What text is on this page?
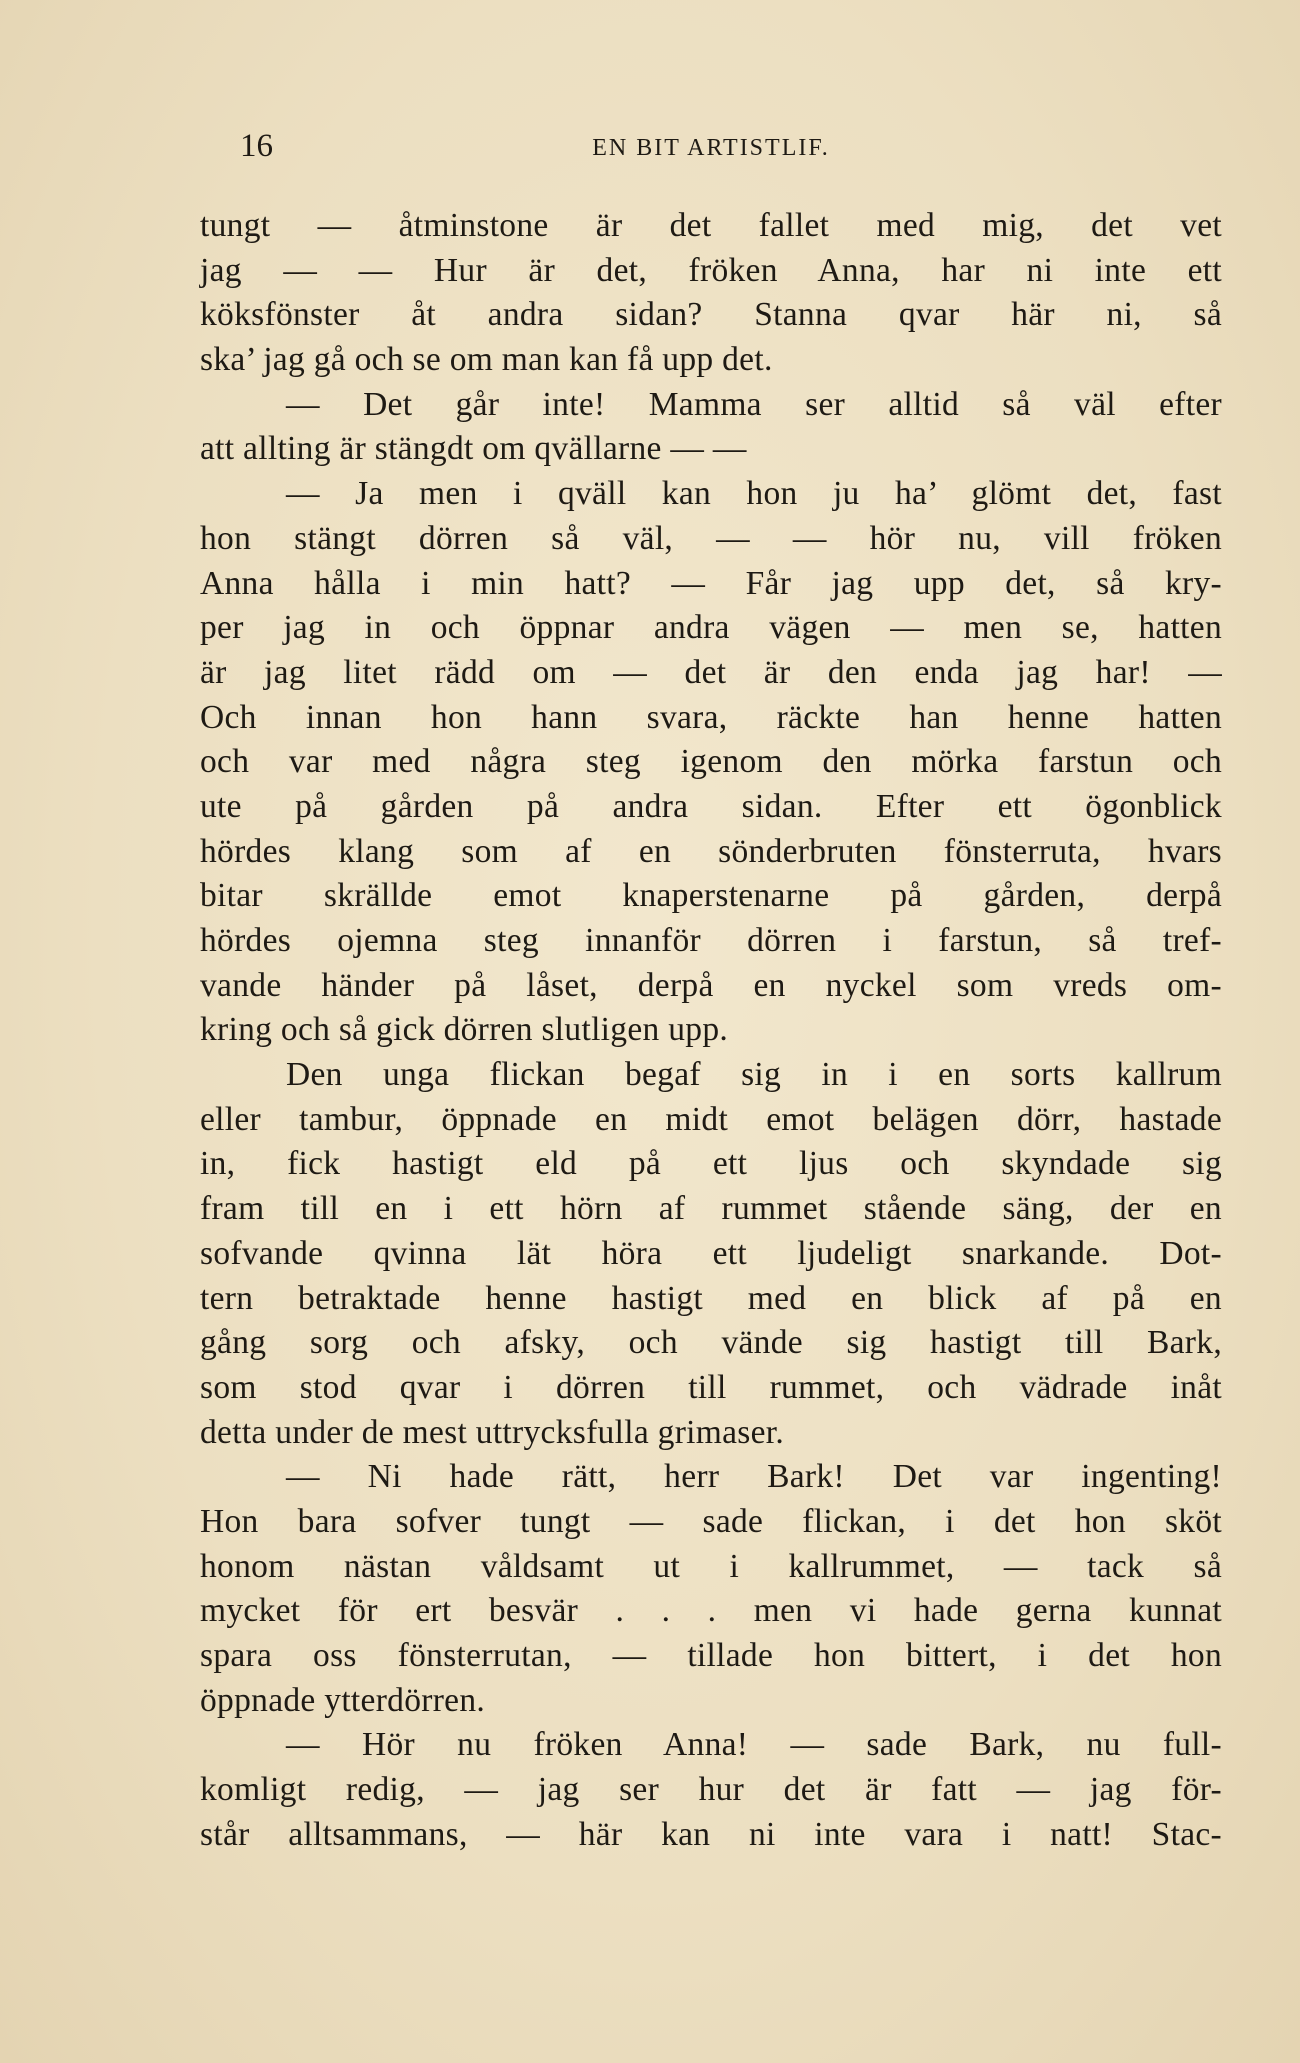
16	EN BIT ARTISTLIF.
tungt — åtminstone är det fallet med mig, det vet
jag — — Hur är det, fröken Anna, har ni inte ett
köksfönster åt andra sidan? Stanna qvar här ni, så
ska’ jag gå och se om man kan få upp det.
— Det går inte! Mamma ser alltid så väl efter
att allting är stängdt om qvällarne — —
— Ja men i qväll kan hon ju ha’ glömt det, fast
hon stängt dörren så väl, — — hör nu, vill fröken
Anna hålla i min hatt? — Får jag upp det, så kry-
per jag in och öppnar andra vägen — men se, hatten
är jag litet rädd om — det är den enda jag har! —
Och innan hon hann svara, räckte han henne hatten
och var med några steg igenom den mörka farstun och
ute på gården på andra sidan. Efter ett ögonblick
hördes klang som af en sönderbruten fönsterruta, hvars
bitar skrällde emot knaperstenarne på gården, derpå
hördes ojemna steg innanför dörren i farstun, så tref-
vande händer på låset, derpå en nyckel som vreds om-
kring och så gick dörren slutligen upp.
Den unga flickan begaf sig in i en sorts kallrum
eller tambur, öppnade en midt emot belägen dörr, hastade
in, fick hastigt eld på ett ljus och skyndade sig
fram till en i ett hörn af rummet stående säng, der en
sofvande qvinna lät höra ett ljudeligt snarkande. Dot-
tern betraktade henne hastigt med en blick af på en
gång sorg och afsky, och vände sig hastigt till Bark,
som stod qvar i dörren till rummet, och vädrade inåt
detta under de mest uttrycksfulla grimaser.
— Ni hade rätt, herr Bark! Det var ingenting!
Hon bara sofver tungt — sade flickan, i det hon sköt
honom nästan våldsamt ut i kallrummet, — tack så
mycket för ert besvär . . . men vi hade gerna kunnat
spara oss fönsterrutan, — tillade hon bittert, i det hon
öppnade ytterdörren.
— Hör nu fröken Anna! — sade Bark, nu full-
komligt redig, — jag ser hur det är fatt — jag för-
står alltsammans, — här kan ni inte vara i natt! Stac-
